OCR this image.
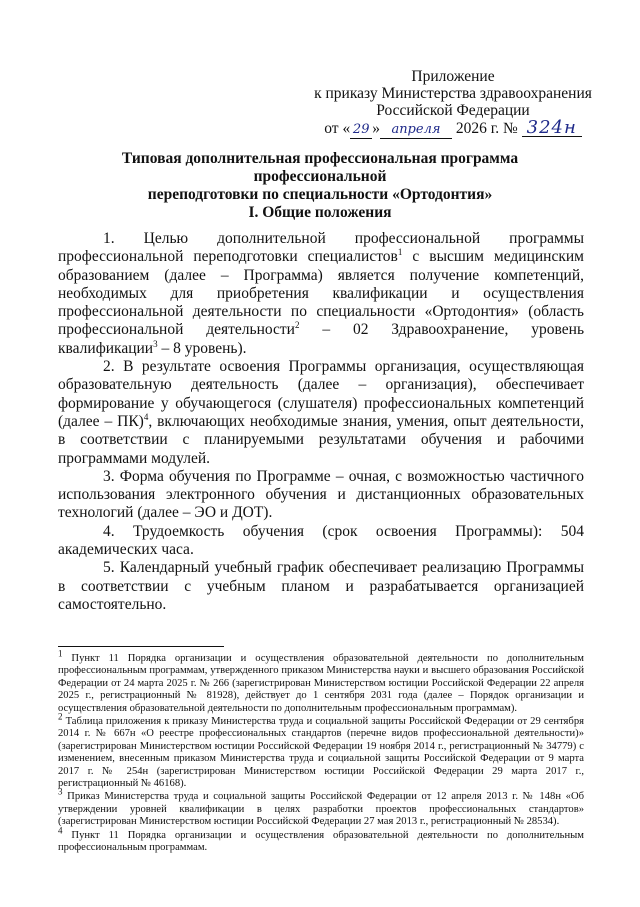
Приложение
к приказу Министерства здравоохранения
Российской Федерации
от « 29 » апреля 2026 г. № 324н
Типовая дополнительная профессиональная программа профессиональной
переподготовки по специальности «Ортодонтия»
I. Общие положения

1. Целью дополнительной профессиональной программы профессиональной переподготовки специалистов$^1$ с высшим медицинским образованием (далее – Программа) является получение компетенций, необходимых для приобретения квалификации и осуществления профессиональной деятельности по специальности «Ортодонтия» (область профессиональной деятельности$^2$ – 02 Здравоохранение, уровень квалификации$^3$ – 8 уровень).

2. В результате освоения Программы организация, осуществляющая образовательную деятельность (далее – организация), обеспечивает формирование у обучающегося (слушателя) профессиональных компетенций (далее – ПК)$^4$, включающих необходимые знания, умения, опыт деятельности, в соответствии с планируемыми результатами обучения и рабочими программами модулей.

3. Форма обучения по Программе – очная, с возможностью частичного использования электронного обучения и дистанционных образовательных технологий (далее – ЭО и ДОТ).

4. Трудоемкость обучения (срок освоения Программы): 504 академических часа.

5. Календарный учебный график обеспечивает реализацию Программы в соответствии с учебным планом и разрабатывается организацией самостоятельно.

$^1$ Пункт 11 Порядка организации и осуществления образовательной деятельности по дополнительным профессиональным программам, утвержденного приказом Министерства науки и высшего образования Российской Федерации от 24 марта 2025 г. № 266 (зарегистрирован Министерством юстиции Российской Федерации 22 апреля 2025 г., регистрационный № 81928), действует до 1 сентября 2031 года (далее – Порядок организации и осуществления образовательной деятельности по дополнительным профессиональным программам).

$^2$ Таблица приложения к приказу Министерства труда и социальной защиты Российской Федерации от 29 сентября 2014 г. № 667н «О реестре профессиональных стандартов (перечне видов профессиональной деятельности)» (зарегистрирован Министерством юстиции Российской Федерации 19 ноября 2014 г., регистрационный № 34779) с изменением, внесенным приказом Министерства труда и социальной защиты Российской Федерации от 9 марта 2017 г. № 254н (зарегистрирован Министерством юстиции Российской Федерации 29 марта 2017 г., регистрационный № 46168).

$^3$ Приказ Министерства труда и социальной защиты Российской Федерации от 12 апреля 2013 г. № 148н «Об утверждении уровней квалификации в целях разработки проектов профессиональных стандартов» (зарегистрирован Министерством юстиции Российской Федерации 27 мая 2013 г., регистрационный № 28534).

$^4$ Пункт 11 Порядка организации и осуществления образовательной деятельности по дополнительным профессиональным программам.
